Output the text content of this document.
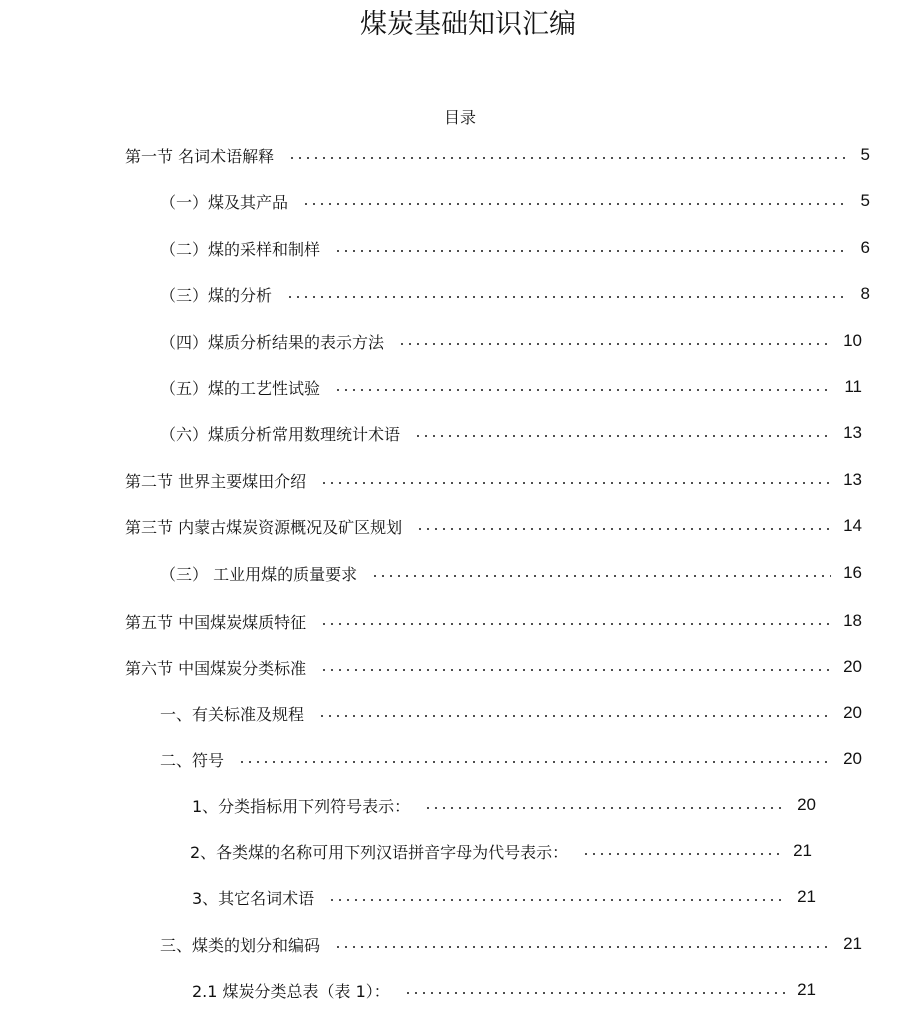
煤炭基础知识汇编
目录
第一节 名词术语解释	5
（一）煤及其产品	5
（二）煤的采样和制样	6
（三）煤的分析	8
（四）煤质分析结果的表示方法	10
（五）煤的工艺性试验	11
（六）煤质分析常用数理统计术语	13
第二节 世界主要煤田介绍	13
第三节 内蒙古煤炭资源概况及矿区规划	14
（三） 工业用煤的质量要求	16
第五节 中国煤炭煤质特征	18
第六节 中国煤炭分类标准	20
一、有关标准及规程	20
二、符号	20
1、分类指标用下列符号表示：	20
2、各类煤的名称可用下列汉语拼音字母为代号表示：	21
3、其它名词术语	21
三、煤类的划分和编码	21
2.1 煤炭分类总表（表 1）：	21
